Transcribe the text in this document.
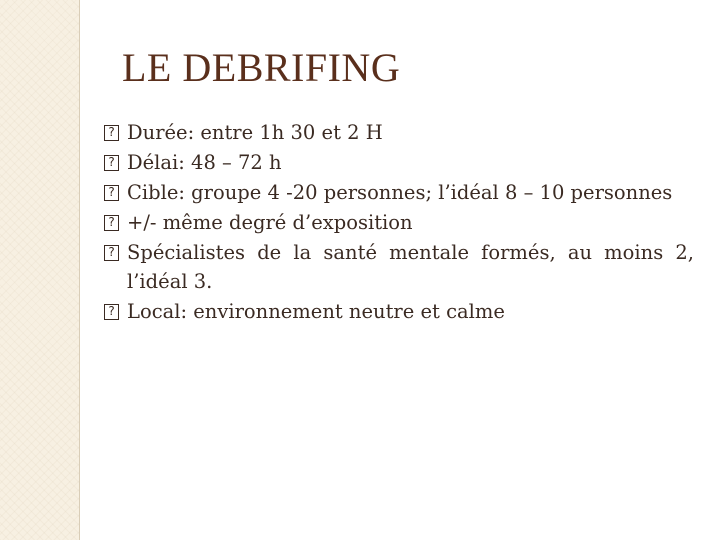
LE DEBRIFING
?
Durée: entre 1h 30 et 2 H
?
Délai: 48 – 72 h
?
Cible: groupe 4 -20 personnes; l’idéal 8 – 10 personnes
?
+/- même degré d’exposition
?
Spécialistes de la santé mentale formés, au moins 2, l’idéal 3.
?
Local: environnement neutre et calme
